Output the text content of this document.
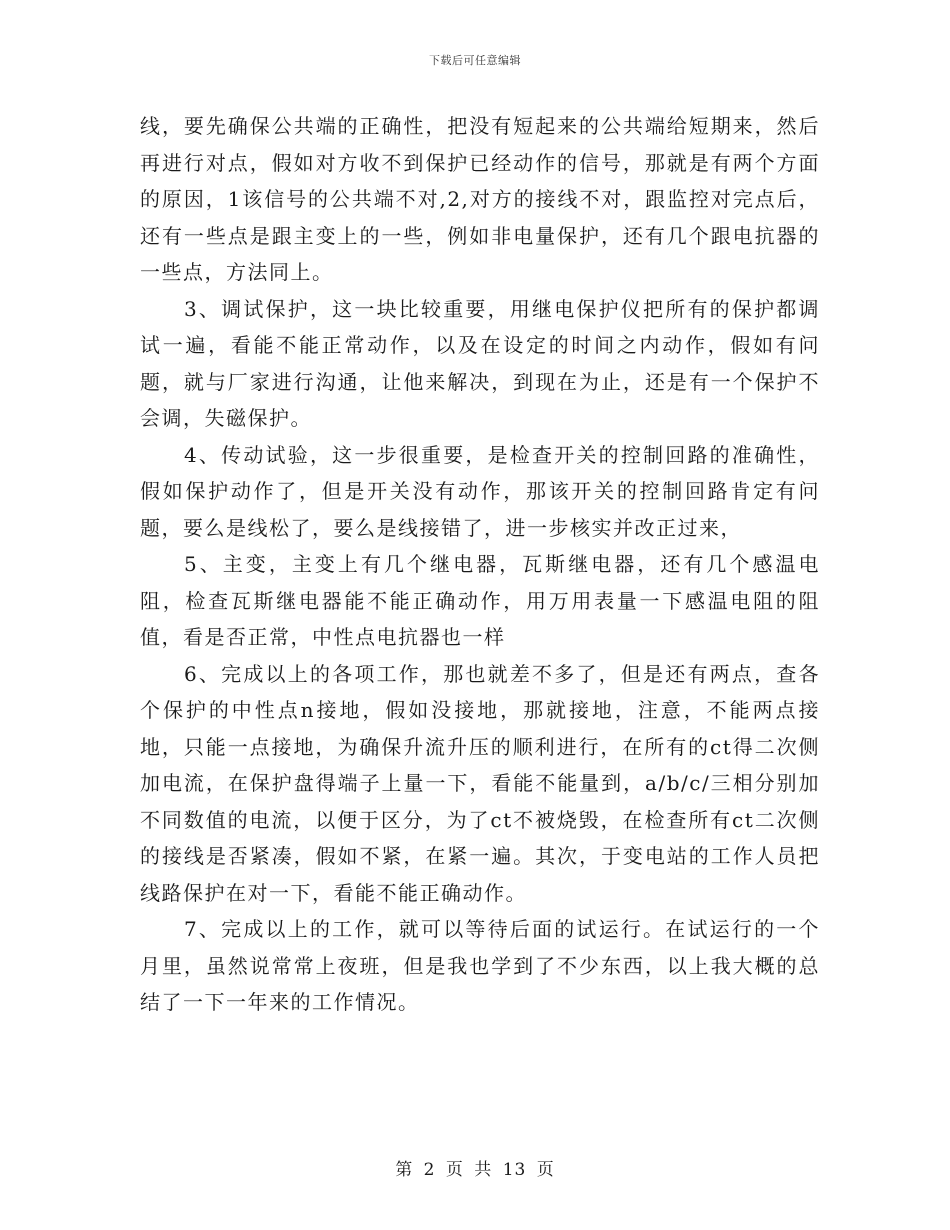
下载后可任意编辑

线，要先确保公共端的正确性，把没有短起来的公共端给短期来，然后再进行对点，假如对方收不到保护已经动作的信号，那就是有两个方面的原因，1该信号的公共端不对,2,对方的接线不对，跟监控对完点后，还有一些点是跟主变上的一些，例如非电量保护，还有几个跟电抗器的一些点，方法同上。

3、调试保护，这一块比较重要，用继电保护仪把所有的保护都调试一遍，看能不能正常动作，以及在设定的时间之内动作，假如有问题，就与厂家进行沟通，让他来解决，到现在为止，还是有一个保护不会调，失磁保护。

4、传动试验，这一步很重要，是检查开关的控制回路的准确性，假如保护动作了，但是开关没有动作，那该开关的控制回路肯定有问题，要么是线松了，要么是线接错了，进一步核实并改正过来，

5、主变，主变上有几个继电器，瓦斯继电器，还有几个感温电阻，检查瓦斯继电器能不能正确动作，用万用表量一下感温电阻的阻值，看是否正常，中性点电抗器也一样

6、完成以上的各项工作，那也就差不多了，但是还有两点，查各个保护的中性点n接地，假如没接地，那就接地，注意，不能两点接地，只能一点接地，为确保升流升压的顺利进行，在所有的ct得二次侧加电流，在保护盘得端子上量一下，看能不能量到，a/b/c/三相分别加不同数值的电流，以便于区分，为了ct不被烧毁，在检查所有ct二次侧的接线是否紧凑，假如不紧，在紧一遍。其次，于变电站的工作人员把线路保护在对一下，看能不能正确动作。

7、完成以上的工作，就可以等待后面的试运行。在试运行的一个月里，虽然说常常上夜班，但是我也学到了不少东西，以上我大概的总结了一下一年来的工作情况。

第 2 页 共 13 页
